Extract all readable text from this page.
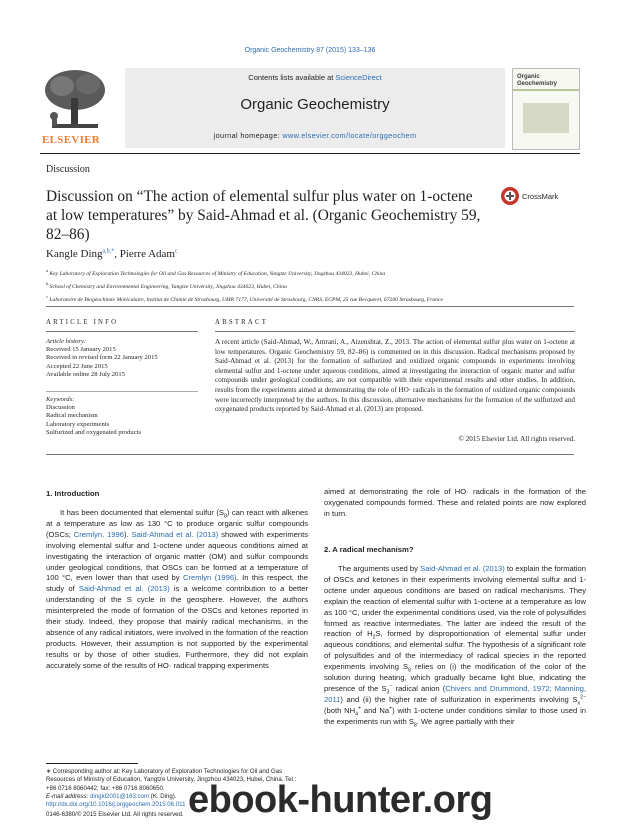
Organic Geochemistry 87 (2015) 133–136
ELSEVIER
Contents lists available at ScienceDirect
Organic Geochemistry
journal homepage: www.elsevier.com/locate/orggeochem
Organic
Geochemistry
Discussion
Discussion on “The action of elemental sulfur plus water on 1-octene at low temperatures” by Said-Ahmad et al. (Organic Geochemistry 59, 82–86)
CrossMark
Kangle Ding$^{a,b,*}$, Pierre Adam$^c$
$^a$ Key Laboratory of Exploration Technologies for Oil and Gas Resources of Ministry of Education, Yangtze University, Jingzhou 434023, Hubei, China
$^b$ School of Chemistry and Environmental Engineering, Yangtze University, Jingzhou 434023, Hubei, China
$^c$ Laboratoire de Biogéochimie Moléculaire, Institut de Chimie de Strasbourg, UMR 7177, Université de Strasbourg, CNRS, ECPM, 25 rue Becquerel, 67200 Strasbourg, France
ARTICLE INFO	ABSTRACT
Article history:
Received 15 January 2015
Received in revised form 22 January 2015
Accepted 22 June 2015
Available online 28 July 2015
Keywords:
Discussion
Radical mechanism
Laboratory experiments
Sulfurized and oxygenated products
A recent article (Said-Ahmad, W., Amrani, A., Aizenshtat, Z., 2013. The action of elemental sulfur plus water on 1-octene at low temperatures. Organic Geochemistry 59, 82–86) is commented on in this discussion. Radical mechanisms proposed by Said-Ahmad et al. (2013) for the formation of sulfurized and oxidized organic compounds in experiments involving elemental sulfur and 1-octene under aqueous conditions, aimed at investigating the interaction of organic matter and sulfur compounds under geological conditions, are not compatible with their experimental results and other studies. In addition, results from the experiments aimed at demonstrating the role of HO· radicals in the formation of oxidized organic compounds were incorrectly interpreted by the authors. In this discussion, alternative mechanisms for the formation of the sulfurized and oxygenated products reported by Said-Ahmad et al. (2013) are proposed.
© 2015 Elsevier Ltd. All rights reserved.
1. Introduction

It has been documented that elemental sulfur $(S_8)$ can react with alkenes at a temperature as low as 130 °C to produce organic sulfur compounds (OSCs; Cremlyn, 1996). Said-Ahmad et al. (2013) showed with experiments involving elemental sulfur and 1-octene under aqueous conditions aimed at investigating the interaction of organic matter (OM) and sulfur compounds under geological conditions, that OSCs can be formed at a temperature of 100 °C, even lower than that used by Cremlyn (1996). In this respect, the study of Said-Ahmad et al. (2013) is a welcome contribution to a better understanding of the S cycle in the geosphere. However, the authors misinterpreted the mode of formation of the OSCs and ketones reported in their study. Indeed, they propose that mainly radical mechanisms, in the absence of any radical initiators, were involved in the formation of the reaction products. However, their assumption is not supported by the experimental results or by those of other studies. Furthermore, they did not explain accurately some of the results of HO· radical trapping experiments

aimed at demonstrating the role of HO· radicals in the formation of the oxygenated compounds formed. These and related points are now explored in turn.

2. A radical mechanism?

The arguments used by Said-Ahmad et al. (2013) to explain the formation of OSCs and ketones in their experiments involving elemental sulfur and 1-octene under aqueous conditions are based on radical mechanisms. They explain the reaction of elemental sulfur with 1-octene at a temperature as low as 100 °C, under the experimental conditions used, via the role of polysulfides formed as reactive intermediates. The latter are indeed the result of the reaction of $H_2S$, formed by disproportionation of elemental sulfur under aqueous conditions, and elemental sulfur. The hypothesis of a significant role of polysulfides and of the intermediacy of radical species in the reported experiments involving $S_8$ relies on (i) the modification of the color of the solution during heating, which gradually became light blue, indicating the presence of the $S_3^-$ radical anion (Chivers and Drummond, 1972; Manning, 2011) and (ii) the higher rate of sulfurization in experiments involving $S_x^{2-}$ (both $NH_4^+$ and Na+) with 1-octene under conditions similar to those used in the experiments run with $S_8$. We agree partially with their

∗ Corresponding author at: Key Laboratory of Exploration Technologies for Oil and Gas Resources of Ministry of Education, Yangtze University, Jingzhou 434023, Hubei, China. Tel.: +86 0716 8060442; fax: +86 0716 8060650.
E-mail address: dingkl2001@163.com (K. Ding).
http://dx.doi.org/10.1016/j.orggeochem.2015.06.011
0146-6380/© 2015 Elsevier Ltd. All rights reserved. ebook-hunter.org
